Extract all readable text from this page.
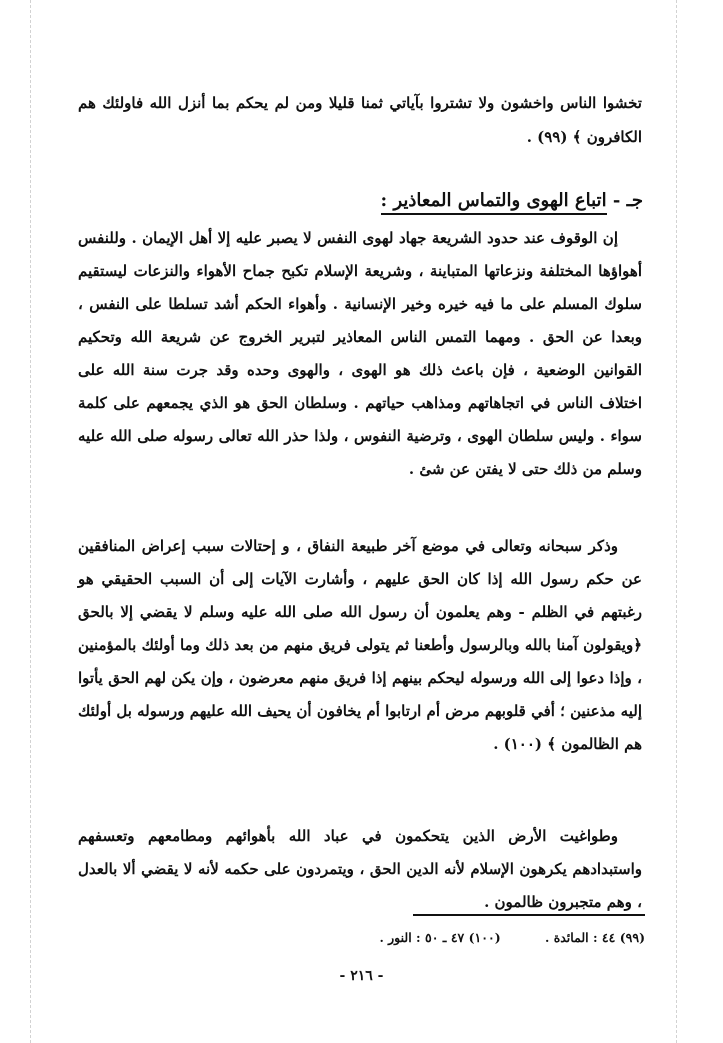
تخشوا الناس واخشون ولا تشتروا بآياتي ثمنا قليلا ومن لم يحكم بما أنزل الله فاولئك هم الكافرون ﴾ (٩٩) .

جـ - اتباع الهوى والتماس المعاذير :

إن الوقوف عند حدود الشريعة جهاد لهوى النفس لا يصبر عليه إلا أهل الإيمان . وللنفس أهواؤها المختلفة ونزعاتها المتباينة ، وشريعة الإسلام تكبح جماح الأهواء والنزعات ليستقيم سلوك المسلم على ما فيه خيره وخير الإنسانية . وأهواء الحكم أشد تسلطا على النفس ، وبعدا عن الحق . ومهما التمس الناس المعاذير لتبرير الخروج عن شريعة الله وتحكيم القوانين الوضعية ، فإن باعث ذلك هو الهوى ، والهوى وحده وقد جرت سنة الله على اختلاف الناس في اتجاهاتهم ومذاهب حياتهم . وسلطان الحق هو الذي يجمعهم على كلمة سواء . وليس سلطان الهوى ، وترضية النفوس ، ولذا حذر الله تعالى رسوله صلى الله عليه وسلم من ذلك حتى لا يفتن عن شئ .

وذكر سبحانه وتعالى في موضع آخر طبيعة النفاق ، و إحتالات سبب إعراض المنافقين عن حكم رسول الله إذا كان الحق عليهم ، وأشارت الآيات إلى أن السبب الحقيقي هو رغبتهم في الظلم - وهم يعلمون أن رسول الله صلى الله عليه وسلم لا يقضي إلا بالحق ﴿ويقولون آمنا بالله وبالرسول وأطعنا ثم يتولى فريق منهم من بعد ذلك وما أولئك بالمؤمنين ، وإذا دعوا إلى الله ورسوله ليحكم بينهم إذا فريق منهم معرضون ، وإن يكن لهم الحق يأتوا إليه مذعنين ؛ أفي قلوبهم مرض أم ارتابوا أم يخافون أن يحيف الله عليهم ورسوله بل أولئك هم الظالمون ﴾ (١٠٠) .

وطواغيت الأرض الذين يتحكمون في عباد الله بأهوائهم ومطامعهم وتعسفهم واستبدادهم يكرهون الإسلام لأنه الدين الحق ، ويتمردون على حكمه لأنه لا يقضي ألا بالعدل ، وهم متجبرون ظالمون .

(٩٩) ٤٤ : المائدة . (١٠٠) ٤٧ ـ ٥٠ : النور .
- ٢١٦ -
